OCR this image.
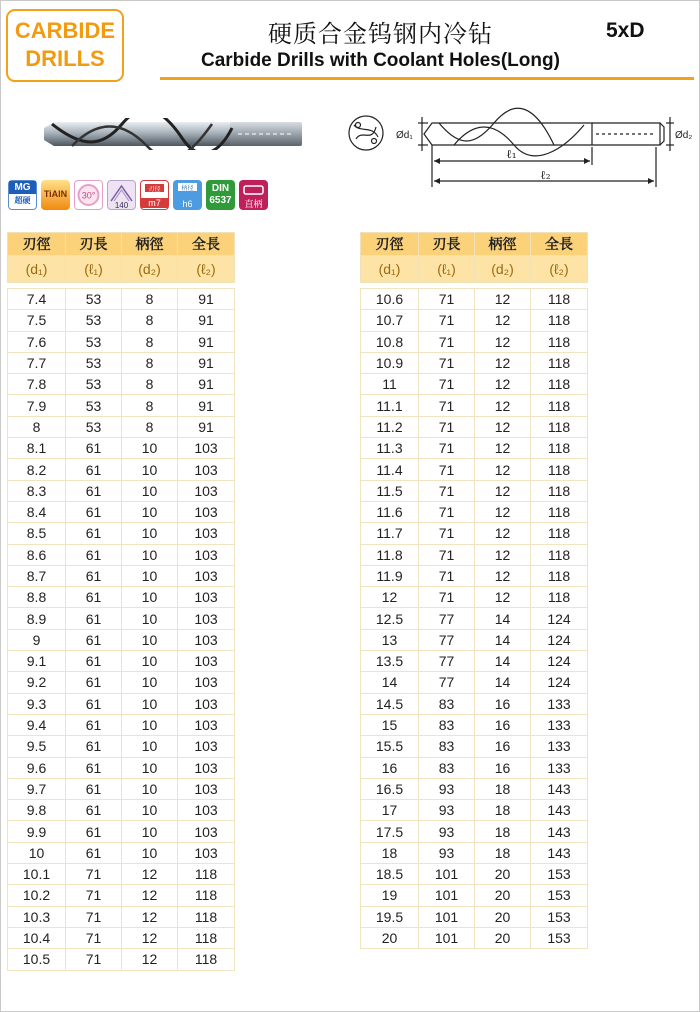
CARBIDE
DRILLS
硬质合金钨钢内冷钻	5xD
Carbide Drills with Coolant Holes(Long)
Ød₁	Ød₂
ℓ₁
ℓ₂
MG
超硬
TiAlN	30°
140
刃径
m7
柄径
h6
DIN
6537	直柄
刃徑	刃長	柄徑	全長
(d₁)	(ℓ₁)	(d₂)	(ℓ₂)

7.4	53	8	91
7.5	53	8	91
7.6	53	8	91
7.7	53	8	91
7.8	53	8	91
7.9	53	8	91
8	53	8	91
8.1	61	10	103
8.2	61	10	103
8.3	61	10	103
8.4	61	10	103
8.5	61	10	103
8.6	61	10	103
8.7	61	10	103
8.8	61	10	103
8.9	61	10	103
9	61	10	103
9.1	61	10	103
9.2	61	10	103
9.3	61	10	103
9.4	61	10	103
9.5	61	10	103
9.6	61	10	103
9.7	61	10	103
9.8	61	10	103
9.9	61	10	103
10	61	10	103
10.1	71	12	118
10.2	71	12	118
10.3	71	12	118
10.4	71	12	118
10.5	71	12	118
刃徑	刃長	柄徑	全長
(d₁)	(ℓ₁)	(d₂)	(ℓ₂)

10.6	71	12	118
10.7	71	12	118
10.8	71	12	118
10.9	71	12	118
11	71	12	118
11.1	71	12	118
11.2	71	12	118
11.3	71	12	118
11.4	71	12	118
11.5	71	12	118
11.6	71	12	118
11.7	71	12	118
11.8	71	12	118
11.9	71	12	118
12	71	12	118
12.5	77	14	124
13	77	14	124
13.5	77	14	124
14	77	14	124
14.5	83	16	133
15	83	16	133
15.5	83	16	133
16	83	16	133
16.5	93	18	143
17	93	18	143
17.5	93	18	143
18	93	18	143
18.5	101	20	153
19	101	20	153
19.5	101	20	153
20	101	20	153
